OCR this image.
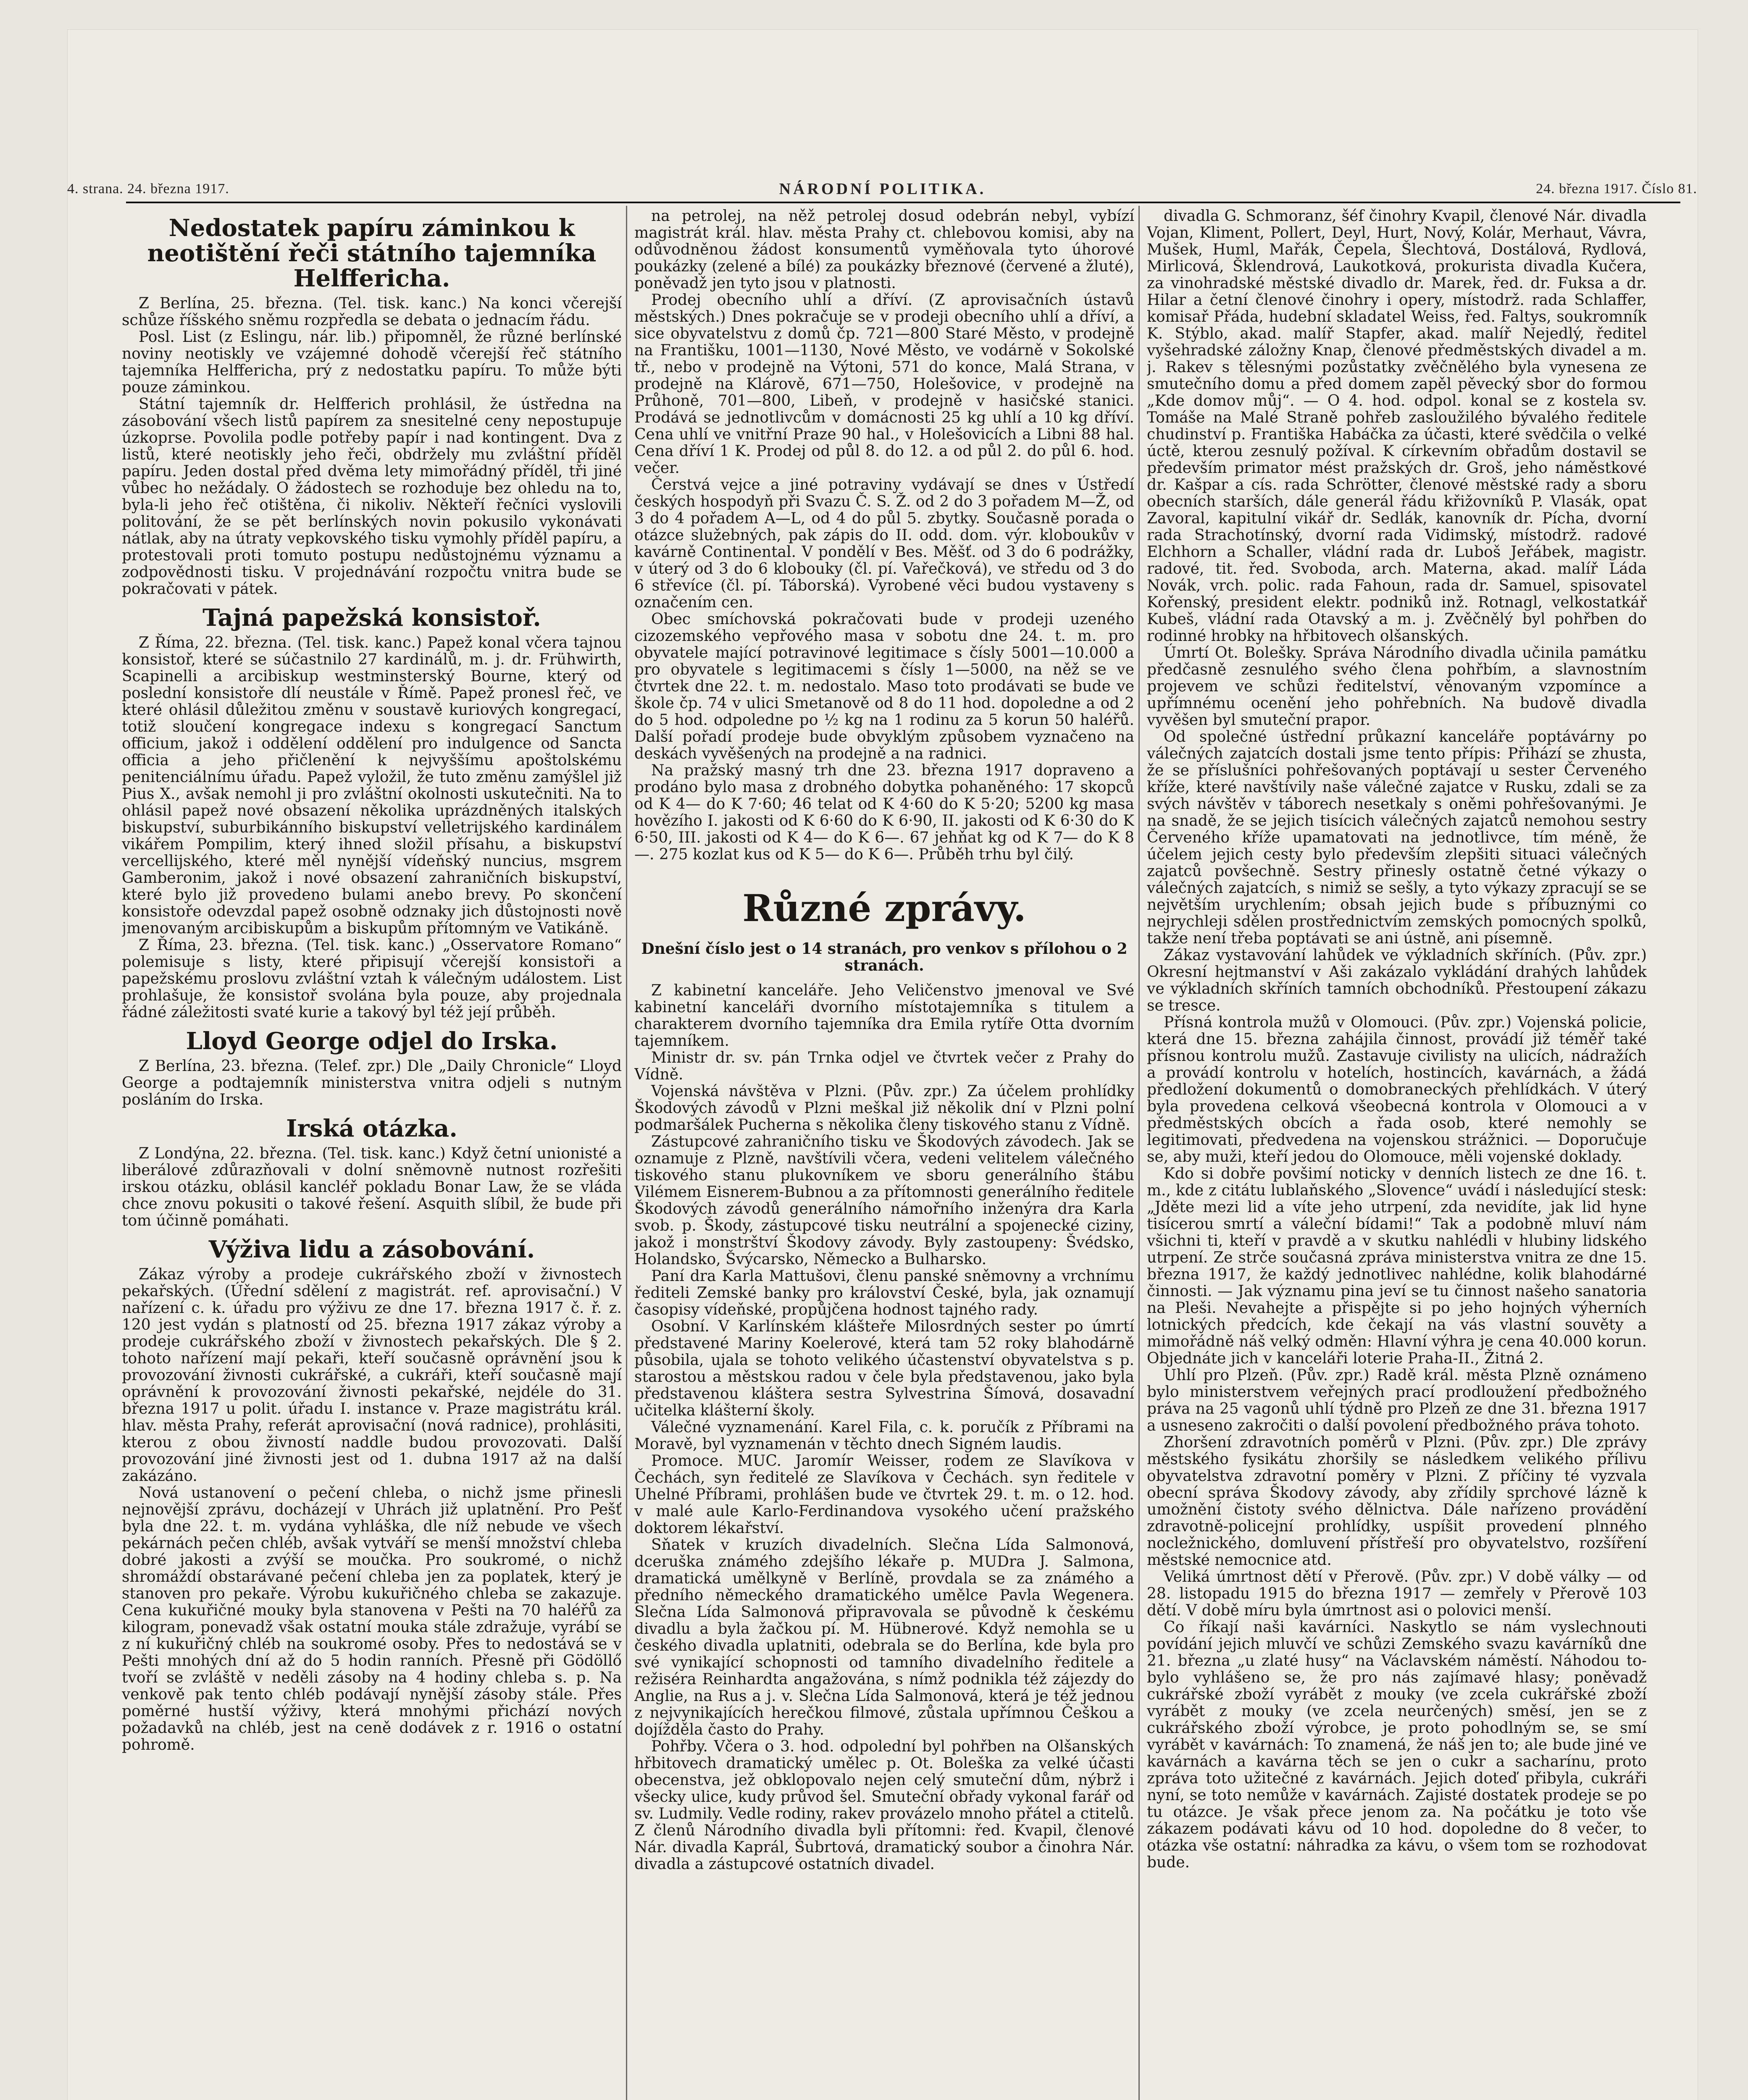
4. strana. 24. března 1917.	NÁRODNÍ POLITIKA.	24. března 1917. Číslo 81.
Nedostatek papíru záminkou k neotištění řeči státního tajemníka Helffericha.

Z Berlína, 25. března. (Tel. tisk. kanc.) Na konci včerejší schůze říšského sněmu rozpředla se debata o jednacím řádu.

Posl. List (z Eslingu, nár. lib.) připomněl, že různé berlínské noviny neotiskly ve vzájemné dohodě včerejší řeč státního tajemníka Helffericha, prý z nedostatku papíru. To může býti pouze záminkou.

Státní tajemník dr. Helfferich prohlásil, že ústředna na zásobování všech listů papírem za snesitelné ceny nepostupuje úzkoprse. Povolila podle potřeby papír i nad kontingent. Dva z listů, které neotiskly jeho řeči, obdržely mu zvláštní příděl papíru. Jeden dostal před dvěma lety mimořádný příděl, tři jiné vůbec ho nežádaly. O žádostech se rozhoduje bez ohledu na to, byla-li jeho řeč otištěna, či nikoliv. Někteří řečníci vyslovili politování, že se pět berlínských novin pokusilo vykonávati nátlak, aby na útraty vepkovského tisku vymohly příděl papíru, a protestovali proti tomuto postupu nedůstojnému významu a zodpovědnosti tisku. V projednávání rozpočtu vnitra bude se pokračovati v pátek.

Tajná papežská konsistoř.

Z Říma, 22. března. (Tel. tisk. kanc.) Papež konal včera tajnou konsistoř, které se súčastnilo 27 kardinálů, m. j. dr. Frühwirth, Scapinelli a arcibiskup westminsterský Bourne, který od poslední konsistoře dlí neustále v Římě. Papež pronesl řeč, ve které ohlásil důležitou změnu v soustavě kuriových kongregací, totiž sloučení kongregace indexu s kongregací Sanctum officium, jakož i oddělení oddělení pro indulgence od Sancta officia a jeho přičlenění k nejvyššímu apoštolskému penitenciálnímu úřadu. Papež vyložil, že tuto změnu zamýšlel již Pius X., avšak nemohl ji pro zvláštní okolnosti uskutečniti. Na to ohlásil papež nové obsazení několika uprázdněných italských biskupství, suburbikánního biskupství velletrijského kardinálem vikářem Pompilim, který ihned složil přísahu, a biskupství vercellijského, které měl nynější vídeňský nuncius, msgrem Gamberonim, jakož i nové obsazení zahraničních biskupství, které bylo již provedeno bulami anebo brevy. Po skončení konsistoře odevzdal papež osobně odznaky jich důstojnosti nově jmenovaným arcibiskupům a biskupům přítomným ve Vatikáně.

Z Říma, 23. března. (Tel. tisk. kanc.) „Osservatore Romano“ polemisuje s listy, které připisují včerejší konsistoři a papežskému proslovu zvláštní vztah k válečným událostem. List prohlašuje, že konsistoř svolána byla pouze, aby projednala řádné záležitosti svaté kurie a takový byl též její průběh.

Lloyd George odjel do Irska.

Z Berlína, 23. března. (Telef. zpr.) Dle „Daily Chronicle“ Lloyd George a podtajemník ministerstva vnitra odjeli s nutným posláním do Irska.

Irská otázka.

Z Londýna, 22. března. (Tel. tisk. kanc.) Když četní unionisté a liberálové zdůrazňovali v dolní sněmovně nutnost rozřešiti irskou otázku, oblásil kancléř pokladu Bonar Law, že se vláda chce znovu pokusiti o takové řešení. Asquith slíbil, že bude při tom účinně pomáhati.

Výživa lidu a zásobování.

Zákaz výroby a prodeje cukrářského zboží v živnostech pekařských. (Úřední sdělení z magistrát. ref. aprovisační.) V nařízení c. k. úřadu pro výživu ze dne 17. března 1917 č. ř. z. 120 jest vydán s platností od 25. března 1917 zákaz výroby a prodeje cukrářského zboží v živnostech pekařských. Dle § 2. tohoto nařízení mají pekaři, kteří současně oprávnění jsou k provozování živnosti cukrářské, a cukráři, kteří současně mají oprávnění k provozování živnosti pekařské, nejdéle do 31. března 1917 u polit. úřadu I. instance v. Praze magistrátu král. hlav. města Prahy, referát aprovisační (nová radnice), prohlásiti, kterou z obou živností naddle budou provozovati. Další provozování jiné živnosti jest od 1. dubna 1917 až na další zakázáno.

Nová ustanovení o pečení chleba, o nichž jsme přinesli nejnovější zprávu, docházejí v Uhrách již uplatnění. Pro Pešť byla dne 22. t. m. vydána vyhláška, dle níž nebude ve všech pekárnách pečen chléb, avšak vytváří se menší množství chleba dobré jakosti a zvýší se moučka. Pro soukromé, o nichž shromáždí obstarávané pečení chleba jen za poplatek, který je stanoven pro pekaře. Výrobu kukuřičného chleba se zakazuje. Cena kukuřičné mouky byla stanovena v Pešti na 70 haléřů za kilogram, ponevadž však ostatní mouka stále zdražuje, vyrábí se z ní kukuřičný chléb na soukromé osoby. Přes to nedostává se v Pešti mnohých dní až do 5 hodin ranních. Přesně při Gödöllő tvoří se zvláště v neděli zásoby na 4 hodiny chleba s. p. Na venkově pak tento chléb podávají nynější zásoby stále. Přes poměrné hustší výživy, která mnohými přichází nových požadavků na chléb, jest na ceně dodávek z r. 1916 o ostatní pohromě.

na petrolej, na něž petrolej dosud odebrán nebyl, vybízí magistrát král. hlav. města Prahy ct. chlebovou komisi, aby na odůvodněnou žádost konsumentů vyměňovala tyto úhorové poukázky (zelené a bílé) za poukázky březnové (červené a žluté), poněvadž jen tyto jsou v platnosti.

Prodej obecního uhlí a dříví. (Z aprovisačních ústavů městských.) Dnes pokračuje se v prodeji obecního uhlí a dříví, a sice obyvatelstvu z domů čp. 721—800 Staré Město, v prodejně na Františku, 1001—1130, Nové Město, ve vodárně v Sokolské tř., nebo v prodejně na Výtoni, 571 do konce, Malá Strana, v prodejně na Klárově, 671—750, Holešovice, v prodejně na Průhoně, 701—800, Libeň, v prodejně v hasičské stanici. Prodává se jednotlivcům v domácnosti 25 kg uhlí a 10 kg dříví. Cena uhlí ve vnitřní Praze 90 hal., v Holešovicích a Libni 88 hal. Cena dříví 1 K. Prodej od půl 8. do 12. a od půl 2. do půl 6. hod. večer.

Čerstvá vejce a jiné potraviny vydávají se dnes v Ústředí českých hospodyň při Svazu Č. S. Ž. od 2 do 3 pořadem M—Ž, od 3 do 4 pořadem A—L, od 4 do půl 5. zbytky. Současně porada o otázce služebných, pak zápis do II. odd. dom. výr. kloboukův v kavárně Continental. V pondělí v Bes. Měšť. od 3 do 6 podrážky, v úterý od 3 do 6 klobouky (čl. pí. Vařečková), ve středu od 3 do 6 střevíce (čl. pí. Táborská). Vyrobené věci budou vystaveny s označením cen.

Obec smíchovská pokračovati bude v prodeji uzeného cizozemského vepřového masa v sobotu dne 24. t. m. pro obyvatele mající potravinové legitimace s čísly 5001—10.000 a pro obyvatele s legitimacemi s čísly 1—5000, na něž se ve čtvrtek dne 22. t. m. nedostalo. Maso toto prodávati se bude ve škole čp. 74 v ulici Smetanově od 8 do 11 hod. dopoledne a od 2 do 5 hod. odpoledne po ½ kg na 1 rodinu za 5 korun 50 haléřů. Další pořadí prodeje bude obvyklým způsobem vyznačeno na deskách vyvěšených na prodejně a na radnici.

Na pražský masný trh dne 23. března 1917 dopraveno a prodáno bylo masa z drobného dobytka pohaněného: 17 skopců od K 4— do K 7·60; 46 telat od K 4·60 do K 5·20; 5200 kg masa hovězího I. jakosti od K 6·60 do K 6·90, II. jakosti od K 6·30 do K 6·50, III. jakosti od K 4— do K 6—. 67 jehňat kg od K 7— do K 8—. 275 kozlat kus od K 5— do K 6—. Průběh trhu byl čilý.

Různé zprávy.
Dnešní číslo jest o 14 stranách, pro venkov s přílohou o 2 stranách.

Z kabinetní kanceláře. Jeho Veličenstvo jmenoval ve Své kabinetní kanceláři dvorního místotajemníka s titulem a charakterem dvorního tajemníka dra Emila rytíře Otta dvorním tajemníkem.

Ministr dr. sv. pán Trnka odjel ve čtvrtek večer z Prahy do Vídně.

Vojenská návštěva v Plzni. (Pův. zpr.) Za účelem prohlídky Škodových závodů v Plzni meškal již několik dní v Plzni polní podmaršálek Pucherna s několika členy tiskového stanu z Vídně.

Zástupcové zahraničního tisku ve Škodových závodech. Jak se oznamuje z Plzně, navštívili včera, vedeni velitelem válečného tiskového stanu plukovníkem ve sboru generálního štábu Vilémem Eisnerem-Bubnou a za přítomnosti generálního ředitele Škodových závodů generálního námořního inženýra dra Karla svob. p. Škody, zástupcové tisku neutrální a spojenecké ciziny, jakož i monstrštví Škodovy závody. Byly zastoupeny: Švédsko, Holandsko, Švýcarsko, Německo a Bulharsko.

Paní dra Karla Mattušovi, členu panské sněmovny a vrchnímu řediteli Zemské banky pro království České, byla, jak oznamují časopisy vídeňské, propůjčena hodnost tajného rady.

Osobní. V Karlínském klášteře Milosrdných sester po úmrtí představené Mariny Koelerové, která tam 52 roky blahodárně působila, ujala se tohoto velikého účastenství obyvatelstva s p. starostou a městskou radou v čele byla představenou, jako byla představenou kláštera sestra Sylvestrina Šímová, dosavadní učitelka klášterní školy.

Válečné vyznamenání. Karel Fila, c. k. poručík z Příbrami na Moravě, byl vyznamenán v těchto dnech Signém laudis.

Promoce. MUC. Jaromír Weisser, rodem ze Slavíkova v Čechách, syn ředitelé ze Slavíkova v Čechách. syn ředitele v Uhelné Příbrami, prohlášen bude ve čtvrtek 29. t. m. o 12. hod. v malé aule Karlo-Ferdinandova vysokého učení pražského doktorem lékařství.

Sňatek v kruzích divadelních. Slečna Lída Salmonová, dceruška známého zdejšího lékaře p. MUDra J. Salmona, dramatická umělkyně v Berlíně, provdala se za známého a předního německého dramatického umělce Pavla Wegenera. Slečna Lída Salmonová připravovala se původně k českému divadlu a byla žačkou pí. M. Hübnerové. Když nemohla se u českého divadla uplatniti, odebrala se do Berlína, kde byla pro své vynikající schopnosti od tamního divadelního ředitele a režiséra Reinhardta angažována, s nímž podnikla též zájezdy do Anglie, na Rus a j. v. Slečna Lída Salmonová, která je též jednou z nejvynikajících herečkou filmové, zůstala upřímnou Češkou a dojížděla často do Prahy.

Pohřby. Včera o 3. hod. odpolední byl pohřben na Olšanských hřbitovech dramatický umělec p. Ot. Boleška za velké účasti obecenstva, jež obklopovalo nejen celý smuteční dům, nýbrž i všecky ulice, kudy průvod šel. Smuteční obřady vykonal farář od sv. Ludmily. Vedle rodiny, rakev provázelo mnoho přátel a ctitelů. Z členů Národního divadla byli přítomni: řed. Kvapil, členové Nár. divadla Kaprál, Šubrtová, dramatický soubor a činohra Nár. divadla a zástupcové ostatních divadel.

divadla G. Schmoranz, šéf činohry Kvapil, členové Nár. divadla Vojan, Kliment, Pollert, Deyl, Hurt, Nový, Kolár, Merhaut, Vávra, Mušek, Huml, Mařák, Čepela, Šlechtová, Dostálová, Rydlová, Mirlicová, Šklendrová, Laukotková, prokurista divadla Kučera, za vinohradské městské divadlo dr. Marek, řed. dr. Fuksa a dr. Hilar a četní členové činohry i opery, místodrž. rada Schlaffer, komisař Přáda, hudební skladatel Weiss, řed. Faltys, soukromník K. Stýblo, akad. malíř Stapfer, akad. malíř Nejedlý, ředitel vyšehradské záložny Knap, členové předměstských divadel a m. j. Rakev s tělesnými pozůstatky zvěčnělého byla vynesena ze smutečního domu a před domem zapěl pěvecký sbor do formou „Kde domov můj“. — O 4. hod. odpol. konal se z kostela sv. Tomáše na Malé Straně pohřeb zasloužilého bývalého ředitele chudinství p. Františka Habáčka za účasti, které svědčila o velké úctě, kterou zesnulý požíval. K církevním obřadům dostavil se především primator mést pražských dr. Groš, jeho náměstkové dr. Kašpar a cís. rada Schrötter, členové městské rady a sboru obecních starších, dále generál řádu křižovníků P. Vlasák, opat Zavoral, kapitulní vikář dr. Sedlák, kanovník dr. Pícha, dvorní rada Strachotínský, dvorní rada Vidimský, místodrž. radové Elchhorn a Schaller, vládní rada dr. Luboš Jeřábek, magistr. radové, tit. řed. Svoboda, arch. Materna, akad. malíř Láda Novák, vrch. polic. rada Fahoun, rada dr. Samuel, spisovatel Kořenský, president elektr. podniků inž. Rotnagl, velkostatkář Kubeš, vládní rada Otavský a m. j. Zvěčnělý byl pohřben do rodinné hrobky na hřbitovech olšanských.

Úmrtí Ot. Bolešky. Správa Národního divadla učinila památku předčasně zesnulého svého člena pohřbím, a slavnostním projevem ve schůzi ředitelství, věnovaným vzpomínce a upřímnému ocenění jeho pohřebních. Na budově divadla vyvěšen byl smuteční prapor.

Od společné ústřední průkazní kanceláře poptávárny po válečných zajatcích dostali jsme tento přípis: Přihází se zhusta, že se příslušníci pohřešovaných poptávají u sester Červeného kříže, které navštívily naše válečné zajatce v Rusku, zdali se za svých návštěv v táborech nesetkaly s oněmi pohřešovanými. Je na snadě, že se jejich tisícich válečných zajatců nemohou sestry Červeného kříže upamatovati na jednotlivce, tím méně, že účelem jejich cesty bylo především zlepšiti situaci válečných zajatců povšechně. Sestry přinesly ostatně četné výkazy o válečných zajatcích, s nimiž se sešly, a tyto výkazy zpracují se se největším urychlením; obsah jejich bude s příbuznými co nejrychleji sdělen prostřednictvím zemských pomocných spolků, takže není třeba poptávati se ani ústně, ani písemně.

Zákaz vystavování lahůdek ve výkladních skříních. (Pův. zpr.) Okresní hejtmanství v Aši zakázalo vykládání drahých lahůdek ve výkladních skříních tamních obchodníků. Přestoupení zákazu se tresce.

Přísná kontrola mužů v Olomouci. (Pův. zpr.) Vojenská policie, která dne 15. března zahájila činnost, provádí již téměř také přísnou kontrolu mužů. Zastavuje civilisty na ulicích, nádražích a provádí kontrolu v hotelích, hostincích, kavárnách, a žádá předložení dokumentů o domobraneckých přehlídkách. V úterý byla provedena celková všeobecná kontrola v Olomouci a v předměstských obcích a řada osob, které nemohly se legitimovati, předvedena na vojenskou strážnici. — Doporučuje se, aby muži, kteří jedou do Olomouce, měli vojenské doklady.

Kdo si dobře povšimí noticky v denních listech ze dne 16. t. m., kde z citátu lublaňského „Slovence“ uvádí i následující stesk: „Jděte mezi lid a víte jeho utrpení, zda nevidíte, jak lid hyne tisícerou smrtí a váleční bídami!“ Tak a podobně mluví nám všichni ti, kteří v pravdě a v skutku nahlédli v hlubiny lidského utrpení. Ze strče současná zpráva ministerstva vnitra ze dne 15. března 1917, že každý jednotlivec nahlédne, kolik blahodárné činnosti. — Jak významu pina jeví se tu činnost našeho sanatoria na Pleši. Nevahejte a přispějte si po jeho hojných výherních lotnických předcích, kde čekají na vás vlastní souvěty a mimořádně náš velký odměn: Hlavní výhra je cena 40.000 korun. Objednáte jich v kanceláři loterie Praha-II., Žitná 2.

Uhlí pro Plzeň. (Pův. zpr.) Radě král. města Plzně oznámeno bylo ministerstvem veřejných prací prodloužení předbožného práva na 25 vagonů uhlí týdně pro Plzeň ze dne 31. března 1917 a usneseno zakročiti o další povolení předbožného práva tohoto.

Zhoršení zdravotních poměrů v Plzni. (Pův. zpr.) Dle zprávy městského fysikátu zhoršily se následkem velikého přílivu obyvatelstva zdravotní poměry v Plzni. Z příčiny té vyzvala obecní správa Škodovy závody, aby zřídily sprchové lázně k umožnění čistoty svého dělnictva. Dále nařízeno provádění zdravotně-policejní prohlídky, uspíšit provedení plnného nocležnického, domluvení přístřeší pro obyvatelstvo, rozšíření městské nemocnice atd.

Veliká úmrtnost dětí v Přerově. (Pův. zpr.) V době války — od 28. listopadu 1915 do března 1917 — zemřely v Přerově 103 dětí. V době míru byla úmrtnost asi o polovici menší.

Co říkají naši kavárníci. Naskytlo se nám vyslechnouti povídání jejich mluvčí ve schůzi Zemského svazu kavárníků dne 21. března „u zlaté husy“ na Václavském náměstí. Náhodou to-bylo vyhlášeno se, že pro nás zajímavé hlasy; poněvadž cukrářské zboží vyrábět z mouky (ve zcela cukrářské zboží vyrábět z mouky (ve zcela neurčených) směsí, jen se z cukrářského zboží výrobce, je proto pohodlným se, se smí vyrábět v kavárnách: To znamená, že náš jen to; ale bude jiné ve kavárnách a kavárna těch se jen o cukr a sacharínu, proto zpráva toto užitečné z kavárnách. Jejich doteď přibyla, cukráři nyní, se toto nemůže v kavárnách. Zajisté dostatek prodeje se po tu otázce. Je však přece jenom za. Na počátku je toto vše zákazem podávati kávu od 10 hod. dopoledne do 8 večer, to otázka vše ostatní: náhradka za kávu, o všem tom se rozhodovat bude.
